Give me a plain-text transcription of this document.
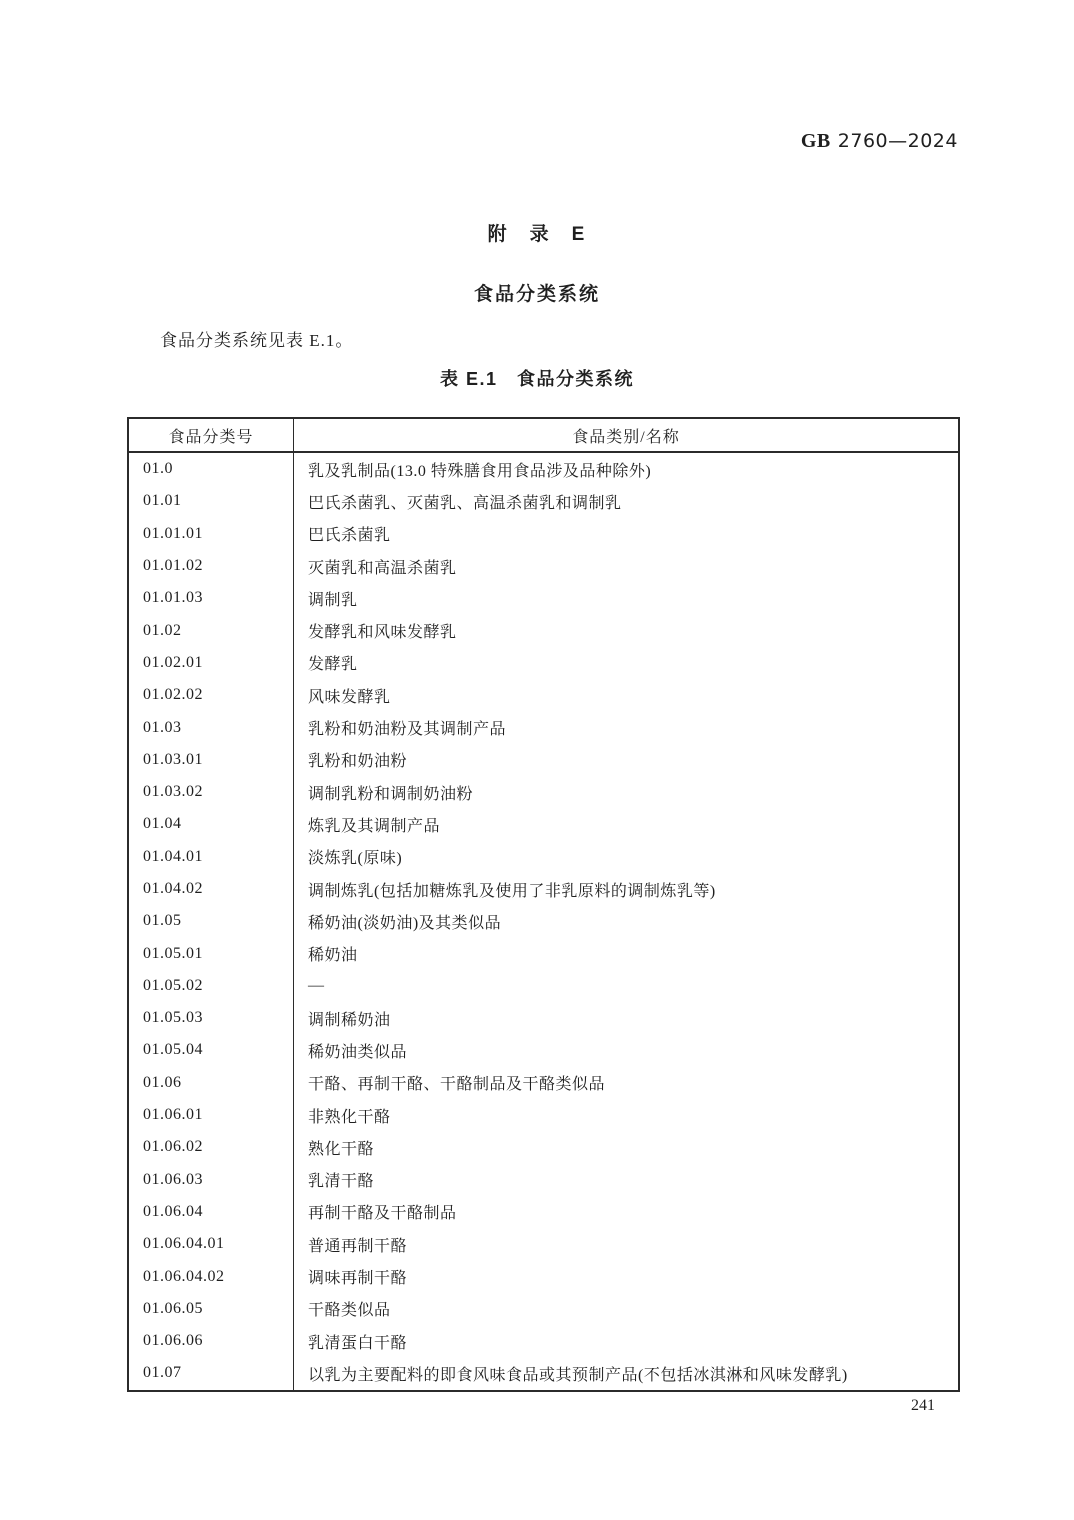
GB 2760—2024
附　录　E
食品分类系统

食品分类系统见表 E.1。

表 E.1　食品分类系统
食品分类号	食品类别/名称
01.0	乳及乳制品(13.0 特殊膳食用食品涉及品种除外)
01.01	巴氏杀菌乳、灭菌乳、高温杀菌乳和调制乳
01.01.01	巴氏杀菌乳
01.01.02	灭菌乳和高温杀菌乳
01.01.03	调制乳
01.02	发酵乳和风味发酵乳
01.02.01	发酵乳
01.02.02	风味发酵乳
01.03	乳粉和奶油粉及其调制产品
01.03.01	乳粉和奶油粉
01.03.02	调制乳粉和调制奶油粉
01.04	炼乳及其调制产品
01.04.01	淡炼乳(原味)
01.04.02	调制炼乳(包括加糖炼乳及使用了非乳原料的调制炼乳等)
01.05	稀奶油(淡奶油)及其类似品
01.05.01	稀奶油
01.05.02	—
01.05.03	调制稀奶油
01.05.04	稀奶油类似品
01.06	干酪、再制干酪、干酪制品及干酪类似品
01.06.01	非熟化干酪
01.06.02	熟化干酪
01.06.03	乳清干酪
01.06.04	再制干酪及干酪制品
01.06.04.01	普通再制干酪
01.06.04.02	调味再制干酪
01.06.05	干酪类似品
01.06.06	乳清蛋白干酪
01.07	以乳为主要配料的即食风味食品或其预制产品(不包括冰淇淋和风味发酵乳)
241
